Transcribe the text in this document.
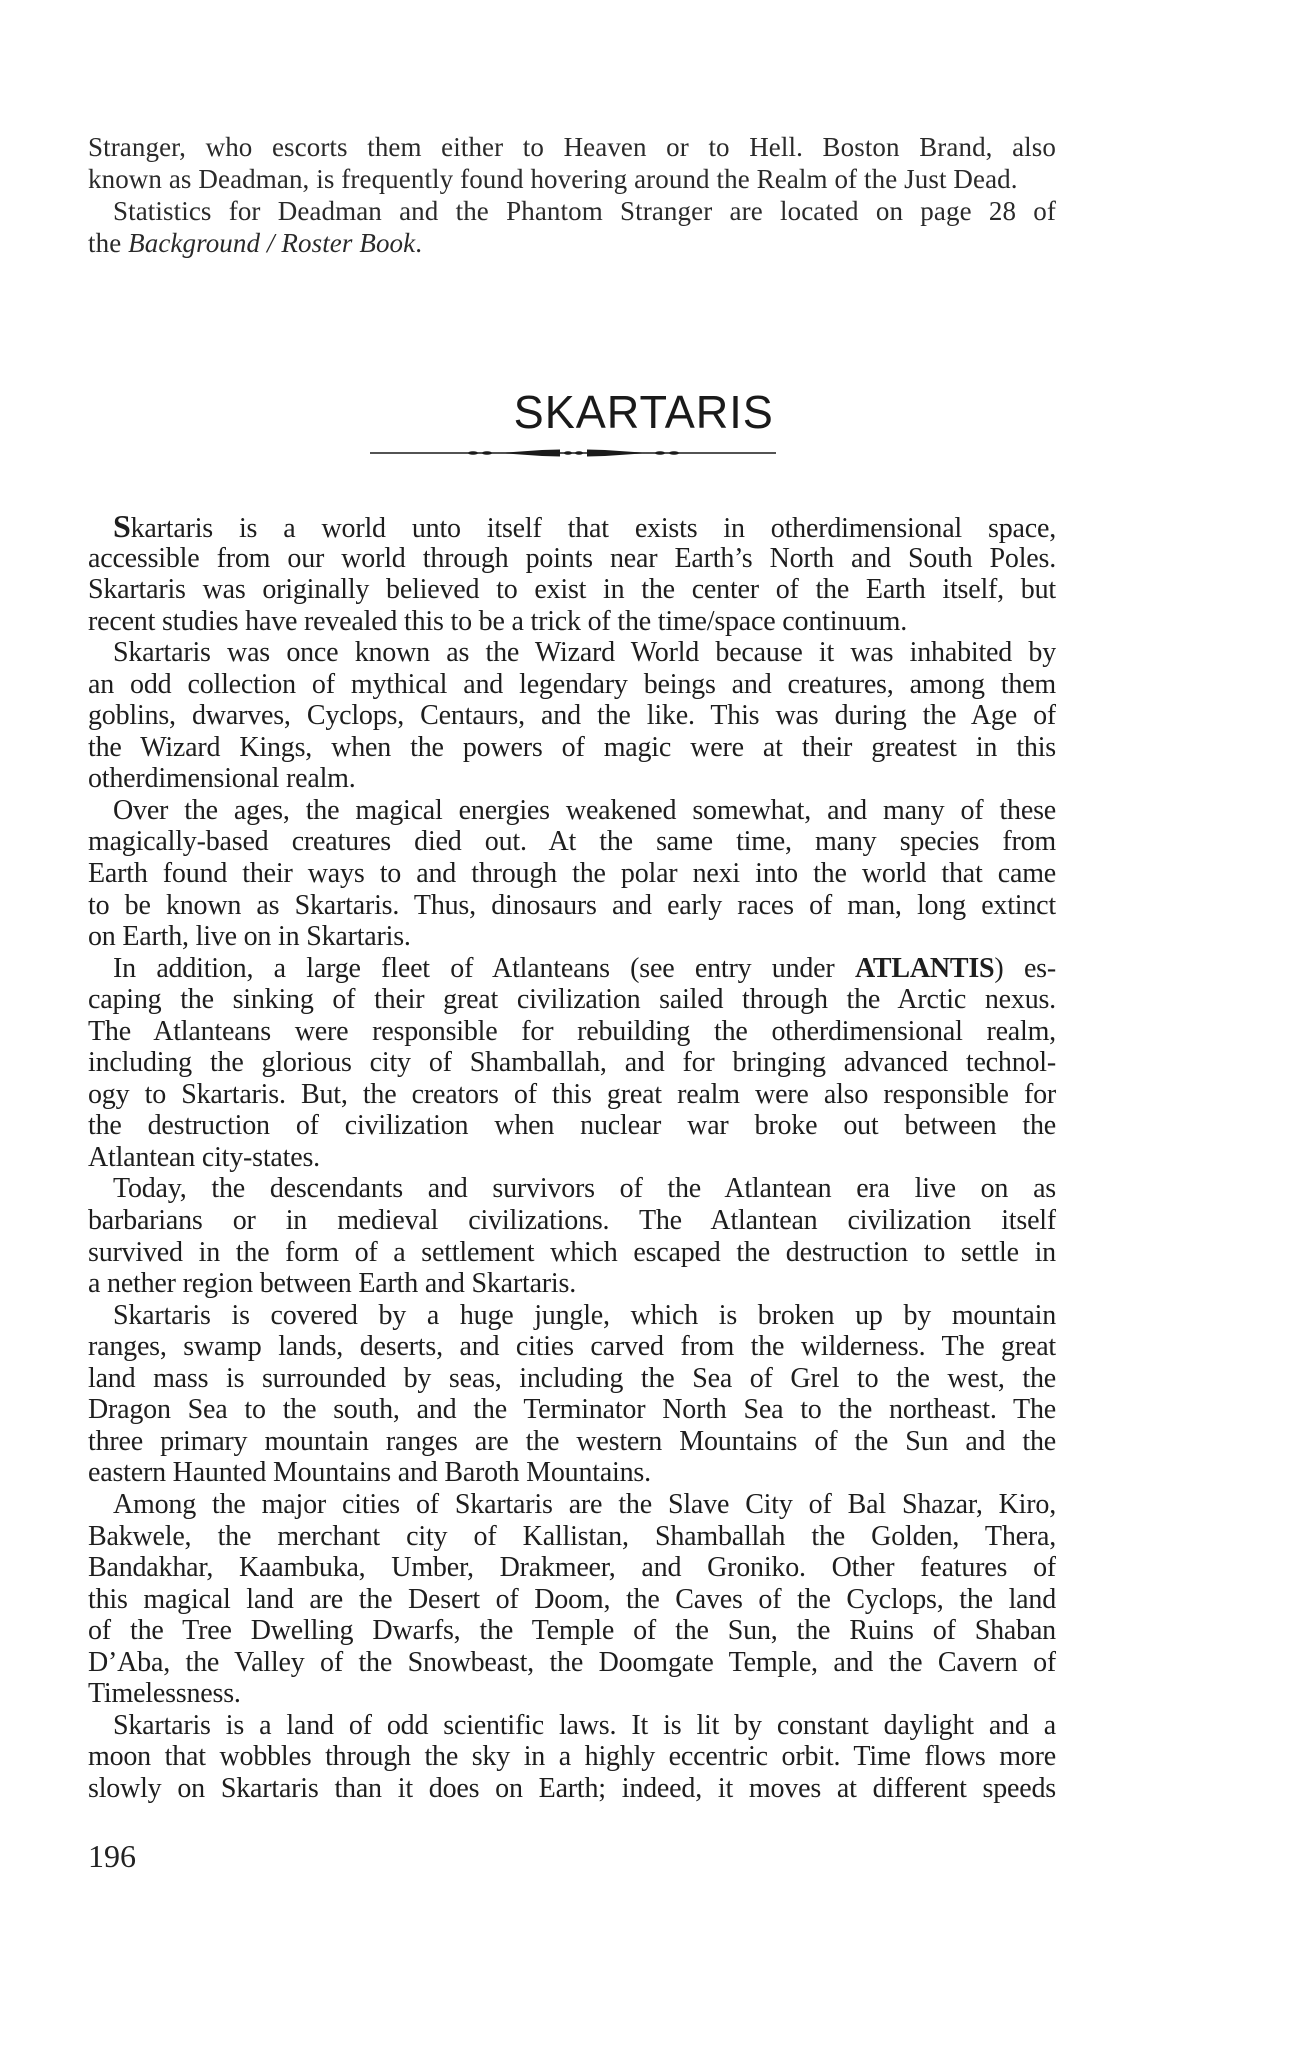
Stranger, who escorts them either to Heaven or to Hell. Boston Brand, also
known as Deadman, is frequently found hovering around the Realm of the Just Dead.
Statistics for Deadman and the Phantom Stranger are located on page 28 of
the Background / Roster Book.
SKARTARIS
Skartaris is a world unto itself that exists in otherdimensional space,
accessible from our world through points near Earth’s North and South Poles.
Skartaris was originally believed to exist in the center of the Earth itself, but
recent studies have revealed this to be a trick of the time/space continuum.
Skartaris was once known as the Wizard World because it was inhabited by
an odd collection of mythical and legendary beings and creatures, among them
goblins, dwarves, Cyclops, Centaurs, and the like. This was during the Age of
the Wizard Kings, when the powers of magic were at their greatest in this
otherdimensional realm.
Over the ages, the magical energies weakened somewhat, and many of these
magically-based creatures died out. At the same time, many species from
Earth found their ways to and through the polar nexi into the world that came
to be known as Skartaris. Thus, dinosaurs and early races of man, long extinct
on Earth, live on in Skartaris.
In addition, a large fleet of Atlanteans (see entry under ATLANTIS) es-
caping the sinking of their great civilization sailed through the Arctic nexus.
The Atlanteans were responsible for rebuilding the otherdimensional realm,
including the glorious city of Shamballah, and for bringing advanced technol-
ogy to Skartaris. But, the creators of this great realm were also responsible for
the destruction of civilization when nuclear war broke out between the
Atlantean city-states.
Today, the descendants and survivors of the Atlantean era live on as
barbarians or in medieval civilizations. The Atlantean civilization itself
survived in the form of a settlement which escaped the destruction to settle in
a nether region between Earth and Skartaris.
Skartaris is covered by a huge jungle, which is broken up by mountain
ranges, swamp lands, deserts, and cities carved from the wilderness. The great
land mass is surrounded by seas, including the Sea of Grel to the west, the
Dragon Sea to the south, and the Terminator North Sea to the northeast. The
three primary mountain ranges are the western Mountains of the Sun and the
eastern Haunted Mountains and Baroth Mountains.
Among the major cities of Skartaris are the Slave City of Bal Shazar, Kiro,
Bakwele, the merchant city of Kallistan, Shamballah the Golden, Thera,
Bandakhar, Kaambuka, Umber, Drakmeer, and Groniko. Other features of
this magical land are the Desert of Doom, the Caves of the Cyclops, the land
of the Tree Dwelling Dwarfs, the Temple of the Sun, the Ruins of Shaban
D’Aba, the Valley of the Snowbeast, the Doomgate Temple, and the Cavern of
Timelessness.
Skartaris is a land of odd scientific laws. It is lit by constant daylight and a
moon that wobbles through the sky in a highly eccentric orbit. Time flows more
slowly on Skartaris than it does on Earth; indeed, it moves at different speeds
196
